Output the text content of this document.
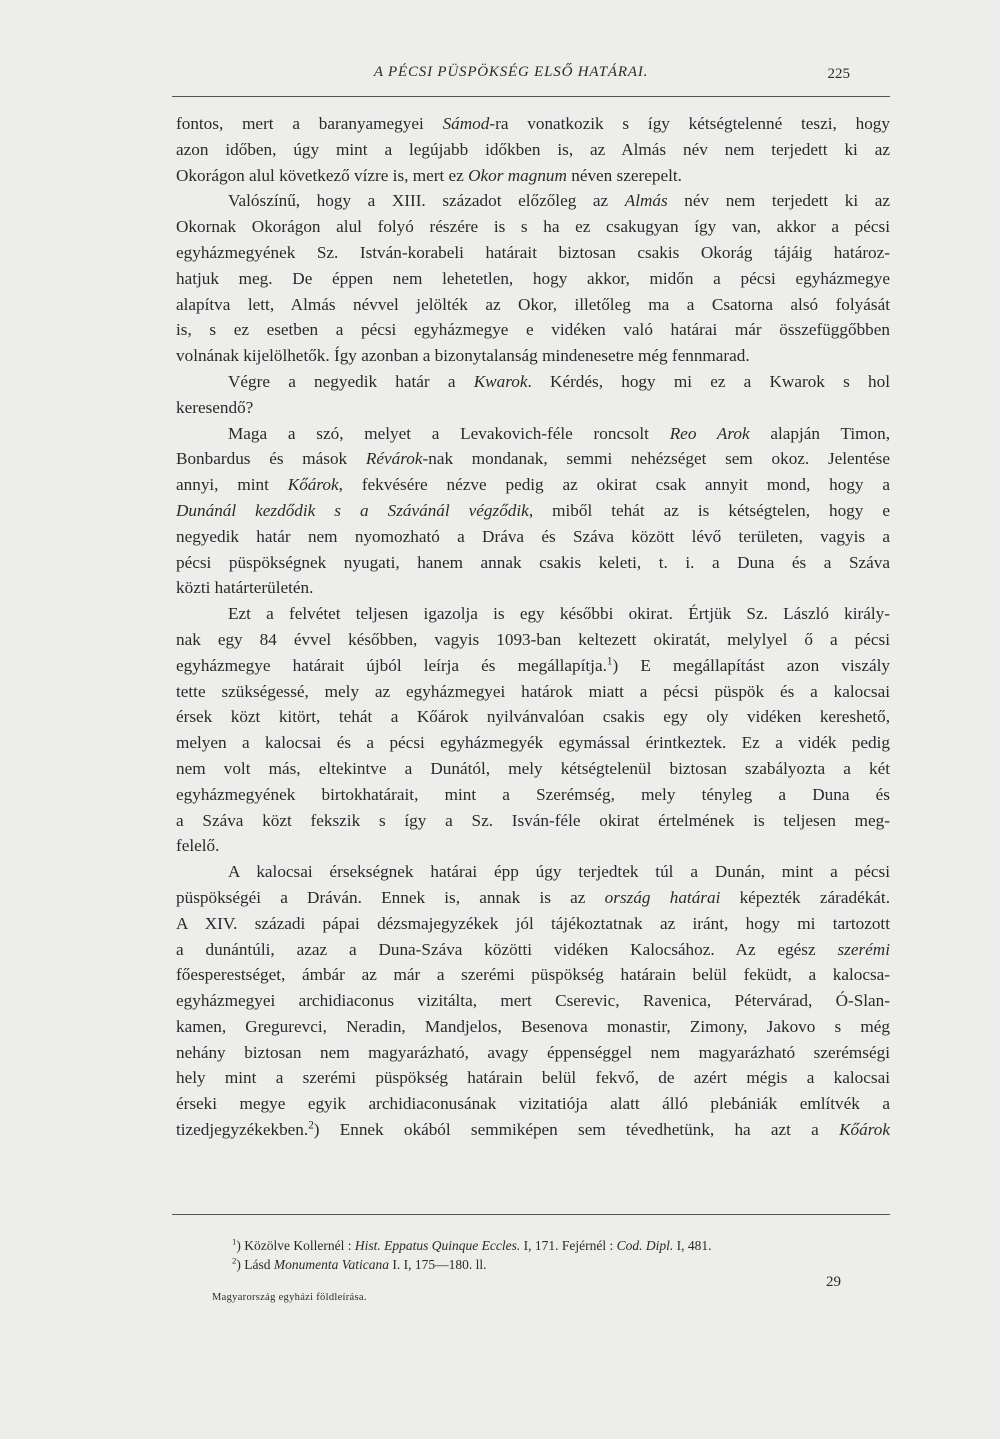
A PÉCSI PÜSPÖKSÉG ELSŐ HATÁRAI.	225
fontos, mert a baranyamegyei Sámod-ra vonatkozik s így kétségtelenné teszi, hogy
azon időben, úgy mint a legújabb időkben is, az Almás név nem terjedett ki az
Okorágon alul következő vízre is, mert ez Okor magnum néven szerepelt.
Valószínű, hogy a XIII. századot előzőleg az Almás név nem terjedett ki az
Okornak Okorágon alul folyó részére is s ha ez csakugyan így van, akkor a pécsi
egyházmegyének Sz. István-korabeli határait biztosan csakis Okorág tájáig határoz-
hatjuk meg. De éppen nem lehetetlen, hogy akkor, midőn a pécsi egyházmegye
alapítva lett, Almás névvel jelölték az Okor, illetőleg ma a Csatorna alsó folyását
is, s ez esetben a pécsi egyházmegye e vidéken való határai már összefüggőbben
volnának kijelölhetők. Így azonban a bizonytalanság mindenesetre még fennmarad.
Végre a negyedik határ a Kwarok. Kérdés, hogy mi ez a Kwarok s hol
keresendő?
Maga a szó, melyet a Levakovich-féle roncsolt Reo Arok alapján Timon,
Bonbardus és mások Révárok-nak mondanak, semmi nehézséget sem okoz. Jelentése
annyi, mint Kőárok, fekvésére nézve pedig az okirat csak annyit mond, hogy a
Dunánál kezdődik s a Szávánál végződik, miből tehát az is kétségtelen, hogy e
negyedik határ nem nyomozható a Dráva és Száva között lévő területen, vagyis a
pécsi püspökségnek nyugati, hanem annak csakis keleti, t. i. a Duna és a Száva
közti határterületén.
Ezt a felvétet teljesen igazolja is egy későbbi okirat. Értjük Sz. László király-
nak egy 84 évvel későbben, vagyis 1093-ban keltezett okiratát, melylyel ő a pécsi
egyházmegye határait újból leírja és megállapítja.$^1$) E megállapítást azon viszály
tette szükségessé, mely az egyházmegyei határok miatt a pécsi püspök és a kalocsai
érsek közt kitört, tehát a Kőárok nyilvánvalóan csakis egy oly vidéken kereshető,
melyen a kalocsai és a pécsi egyházmegyék egymással érintkeztek. Ez a vidék pedig
nem volt más, eltekintve a Dunától, mely kétségtelenül biztosan szabályozta a két
egyházmegyének birtokhatárait, mint a Szerémség, mely tényleg a Duna és
a Száva közt fekszik s így a Sz. Isván-féle okirat értelmének is teljesen meg-
felelő.
A kalocsai érsekségnek határai épp úgy terjedtek túl a Dunán, mint a pécsi
püspökségéi a Dráván. Ennek is, annak is az ország határai képezték záradékát.
A XIV. századi pápai dézsmajegyzékek jól tájékoztatnak az iránt, hogy mi tartozott
a dunántúli, azaz a Duna-Száva közötti vidéken Kalocsához. Az egész szerémi
főesperestséget, ámbár az már a szerémi püspökség határain belül feküdt, a kalocsa-
egyházmegyei archidiaconus vizitálta, mert Cserevic, Ravenica, Pétervárad, Ó-Slan-
kamen, Gregurevci, Neradin, Mandjelos, Besenova monastir, Zimony, Jakovo s még
nehány biztosan nem magyarázható, avagy éppenséggel nem magyarázható szerémségi
hely mint a szerémi püspökség határain belül fekvő, de azért mégis a kalocsai
érseki megye egyik archidiaconusának vizitatiója alatt álló plebániák említvék a
tizedjegyzékekben.$^2$) Ennek okából semmiképen sem tévedhetünk, ha azt a Kőárok
$^1$) Közölve Kollernél : Hist. Eppatus Quinque Eccles. I, 171. Fejérnél : Cod. Dipl. I, 481.
$^2$) Lásd Monumenta Vaticana I. I, 175—180. ll.
Magyarország egyházi földleírása.
29
